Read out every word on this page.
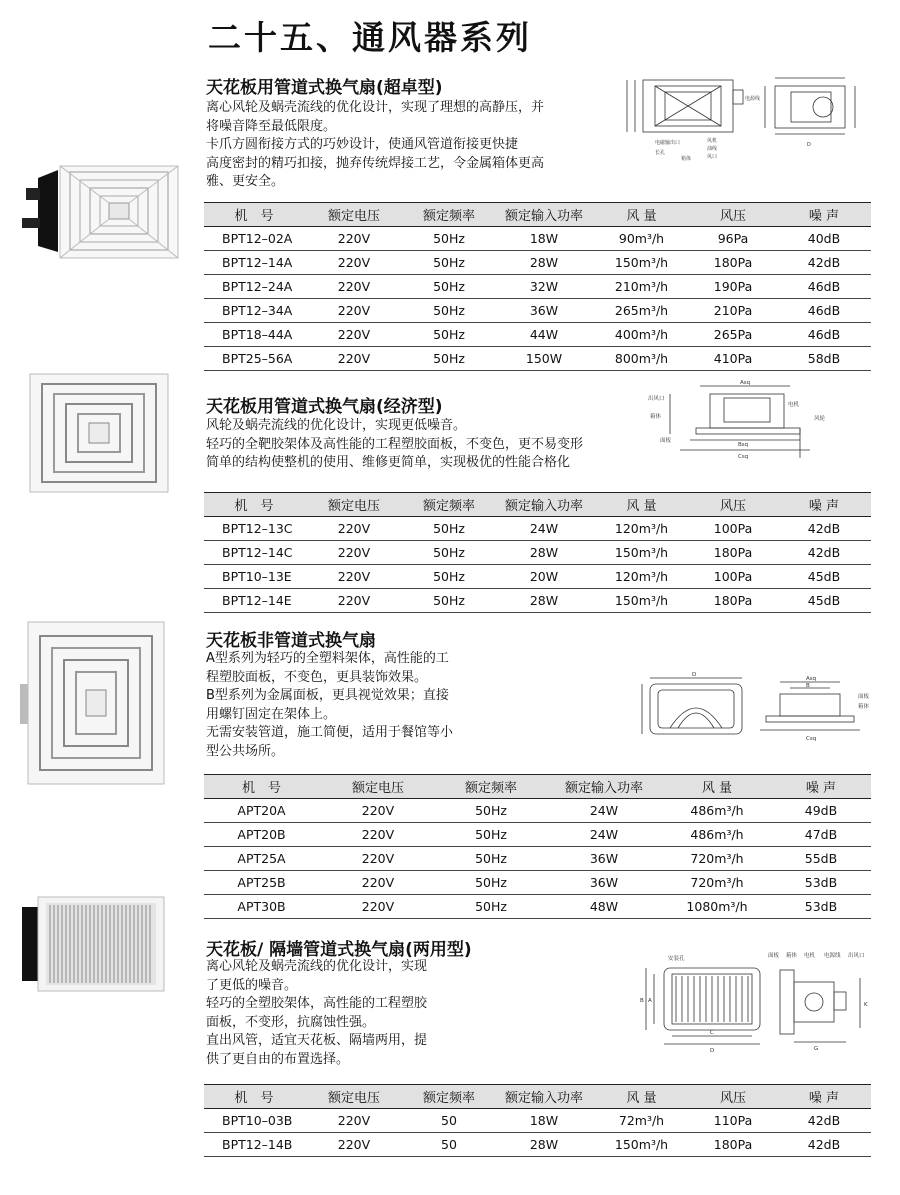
二十五、通风器系列
天花板用管道式换气扇(超卓型)
离心风轮及蜗壳流线的优化设计，实现了理想的高静压，并
将噪音降至最低限度。
卡爪方圆衔接方式的巧妙设计，使通风管道衔接更快捷
高度密封的精巧扣接，抛弃传统焊接工艺，令金属箱体更高
雅、更安全。
电源线
风机
油线
风口
电磁输出口
长孔
箱体
D
机　号	额定电压	额定频率	额定输入功率	风 量	风压	噪 声
BPT12–02A	220V	50Hz	18W	90m³/h	96Pa	40dB
BPT12–14A	220V	50Hz	28W	150m³/h	180Pa	42dB
BPT12–24A	220V	50Hz	32W	210m³/h	190Pa	46dB
BPT12–34A	220V	50Hz	36W	265m³/h	210Pa	46dB
BPT18–44A	220V	50Hz	44W	400m³/h	265Pa	46dB
BPT25–56A	220V	50Hz	150W	800m³/h	410Pa	58dB
天花板用管道式换气扇(经济型)
风轮及蜗壳流线的优化设计，实现更低噪音。
轻巧的全靶胶架体及高性能的工程塑胶面板，不变色，更不易变形
简单的结构使整机的使用、维修更简单，实现极优的性能合格化
Asq
出风口
箱体
电机
风轮
面板
Bsq
Csq
机　号	额定电压	额定频率	额定输入功率	风 量	风压	噪 声
BPT12–13C	220V	50Hz	24W	120m³/h	100Pa	42dB
BPT12–14C	220V	50Hz	28W	150m³/h	180Pa	42dB
BPT10–13E	220V	50Hz	20W	120m³/h	100Pa	45dB
BPT12–14E	220V	50Hz	28W	150m³/h	180Pa	45dB
天花板非管道式换气扇
A型系列为轻巧的全塑料架体，高性能的工
程塑胶面板，不变色，更具装饰效果。
B型系列为金属面板，更具视觉效果；直接
用螺钉固定在架体上。
无需安装管道，施工简便，适用于餐馆等小
型公共场所。
D
Asq
B
Csq
面板
箱体
机　号	额定电压	额定频率	额定输入功率	风 量	噪 声
APT20A	220V	50Hz	24W	486m³/h	49dB
APT20B	220V	50Hz	24W	486m³/h	47dB
APT25A	220V	50Hz	36W	720m³/h	55dB
APT25B	220V	50Hz	36W	720m³/h	53dB
APT30B	220V	50Hz	48W	1080m³/h	53dB
天花板/ 隔墙管道式换气扇(两用型)
离心风轮及蜗壳流线的优化设计，实现
了更低的噪音。
轻巧的全塑胶架体，高性能的工程塑胶
面板，不变形，抗腐蚀性强。
直出风管，适宜天花板、隔墙两用，提
供了更自由的布置选择。
安装孔	面板 箱体 电机 电源线 出风口
B A
C
D	G
K
机　号	额定电压	额定频率	额定输入功率	风 量	风压	噪 声
BPT10–03B	220V	50	18W	72m³/h	110Pa	42dB
BPT12–14B	220V	50	28W	150m³/h	180Pa	42dB
